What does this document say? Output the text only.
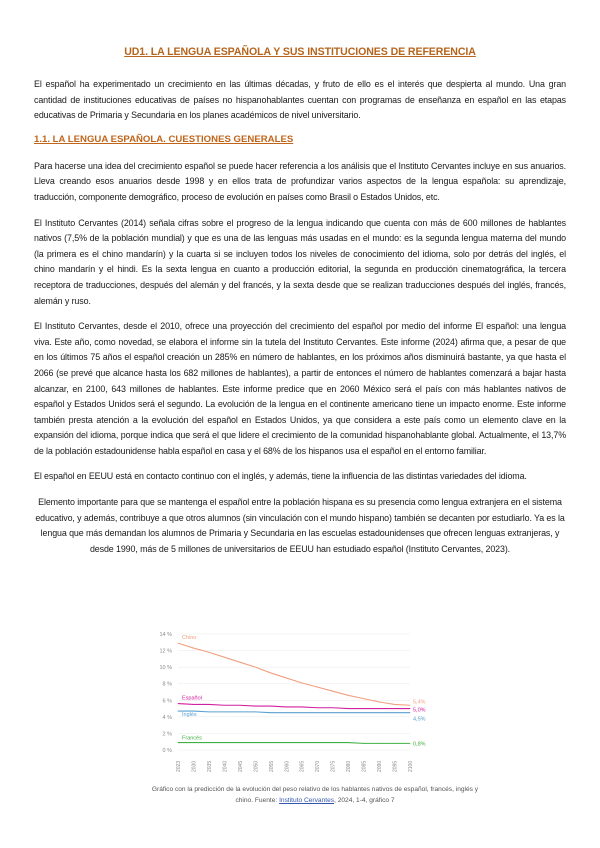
UD1. LA LENGUA ESPAÑOLA Y SUS INSTITUCIONES DE REFERENCIA

El español ha experimentado un crecimiento en las últimas décadas, y fruto de ello es el interés que despierta al mundo. Una gran cantidad de instituciones educativas de países no hispanohablantes cuentan con programas de enseñanza en español en las etapas educativas de Primaria y Secundaria en los planes académicos de nivel universitario.

1.1. LA LENGUA ESPAÑOLA. CUESTIONES GENERALES

Para hacerse una idea del crecimiento español se puede hacer referencia a los análisis que el Instituto Cervantes incluye en sus anuarios. Lleva creando esos anuarios desde 1998 y en ellos trata de profundizar varios aspectos de la lengua española: su aprendizaje, traducción, componente demográfico, proceso de evolución en países como Brasil o Estados Unidos, etc.

El Instituto Cervantes (2014) señala cifras sobre el progreso de la lengua indicando que cuenta con más de 600 millones de hablantes nativos (7,5% de la población mundial) y que es una de las lenguas más usadas en el mundo: es la segunda lengua materna del mundo (la primera es el chino mandarín) y la cuarta si se incluyen todos los niveles de conocimiento del idioma, solo por detrás del inglés, el chino mandarín y el hindi. Es la sexta lengua en cuanto a producción editorial, la segunda en producción cinematográfica, la tercera receptora de traducciones, después del alemán y del francés, y la sexta desde que se realizan traducciones después del inglés, francés, alemán y ruso.

El Instituto Cervantes, desde el 2010, ofrece una proyección del crecimiento del español por medio del informe El español: una lengua viva. Este año, como novedad, se elabora el informe sin la tutela del Instituto Cervantes. Este informe (2024) afirma que, a pesar de que en los últimos 75 años el español creación un 285% en número de hablantes, en los próximos años disminuirá bastante, ya que hasta el 2066 (se prevé que alcance hasta los 682 millones de hablantes), a partir de entonces el número de hablantes comenzará a bajar hasta alcanzar, en 2100, 643 millones de hablantes. Este informe predice que en 2060 México será el país con más hablantes nativos de español y Estados Unidos será el segundo. La evolución de la lengua en el continente americano tiene un impacto enorme. Este informe también presta atención a la evolución del español en Estados Unidos, ya que considera a este país como un elemento clave en la expansión del idioma, porque indica que será el que lidere el crecimiento de la comunidad hispanohablante global. Actualmente, el 13,7% de la población estadounidense habla español en casa y el 68% de los hispanos usa el español en el entorno familiar.

El español en EEUU está en contacto continuo con el inglés, y además, tiene la influencia de las distintas variedades del idioma.

Elemento importante para que se mantenga el español entre la población hispana es su presencia como lengua extranjera en el sistema educativo, y además, contribuye a que otros alumnos (sin vinculación con el mundo hispano) también se decanten por estudiarlo. Ya es la lengua que más demandan los alumnos de Primaria y Secundaria en las escuelas estadounidenses que ofrecen lenguas extranjeras, y desde 1990, más de 5 millones de universitarios de EEUU han estudiado español (Instituto Cervantes, 2023).

0 %
2 %
4 %
6 %
8 %
10 %
12 %
14 %
2023 2030 2035 2040 2045 2050 2055 2060 2065 2070 2075 2080 2085 2090 2095 2100
Chino
5,4%
Español
5,0%
Inglés
4,5%
Francés
0,8%
Gráfico con la predicción de la evolución del peso relativo de los hablantes nativos de español, francés, inglés y chino. Fuente: Instituto Cervantes, 2024, 1-4, gráfico 7
